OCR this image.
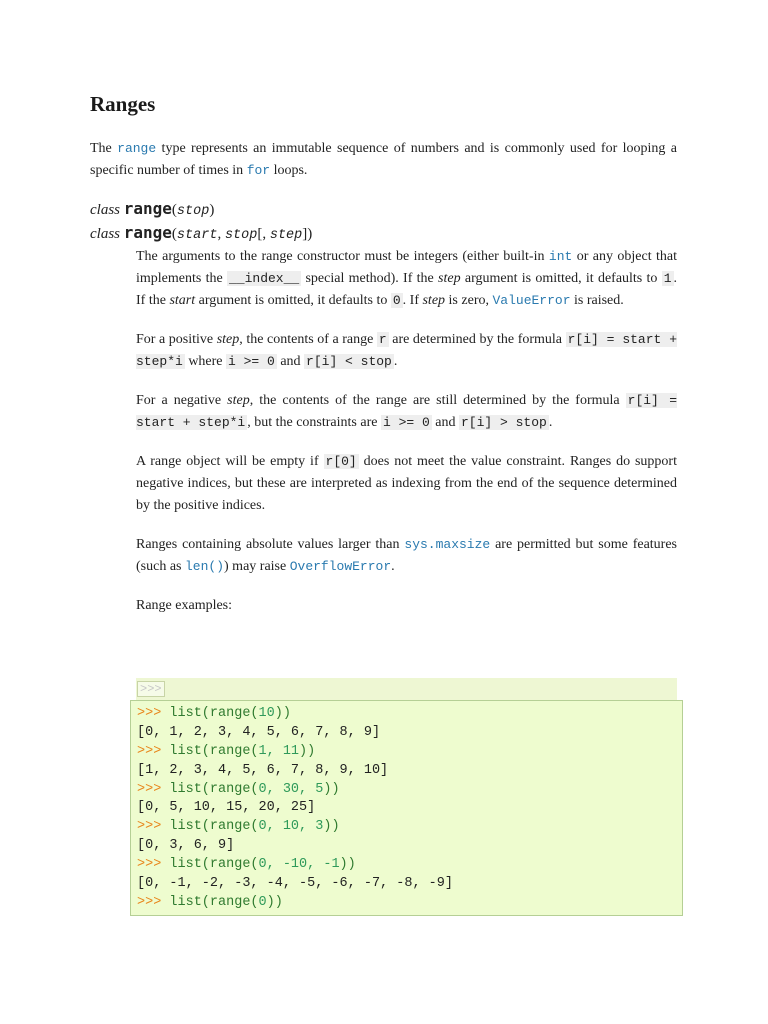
Ranges
The range type represents an immutable sequence of numbers and is commonly used for looping a specific number of times in for loops.
class range(stop)
class range(start, stop[, step])

The arguments to the range constructor must be integers (either built-in int or any object that implements the __index__ special method). If the step argument is omitted, it defaults to 1 . If the start argument is omitted, it defaults to 0 . If step is zero, ValueError is raised.

For a positive step, the contents of a range r are determined by the formula r[i] = start + step*i where i >= 0 and r[i] < stop .

For a negative step, the contents of the range are still determined by the formula r[i] = start + step*i , but the constraints are i >= 0 and r[i] > stop .

A range object will be empty if r[0] does not meet the value constraint. Ranges do support negative indices, but these are interpreted as indexing from the end of the sequence determined by the positive indices.

Ranges containing absolute values larger than sys.maxsize are permitted but some features (such as len()) may raise OverflowError.

Range examples:

>>>
>>> list(range(10))
[0, 1, 2, 3, 4, 5, 6, 7, 8, 9]
>>> list(range(1, 11))
[1, 2, 3, 4, 5, 6, 7, 8, 9, 10]
>>> list(range(0, 30, 5))
[0, 5, 10, 15, 20, 25]
>>> list(range(0, 10, 3))
[0, 3, 6, 9]
>>> list(range(0, -10, -1))
[0, -1, -2, -3, -4, -5, -6, -7, -8, -9]
>>> list(range(0))
